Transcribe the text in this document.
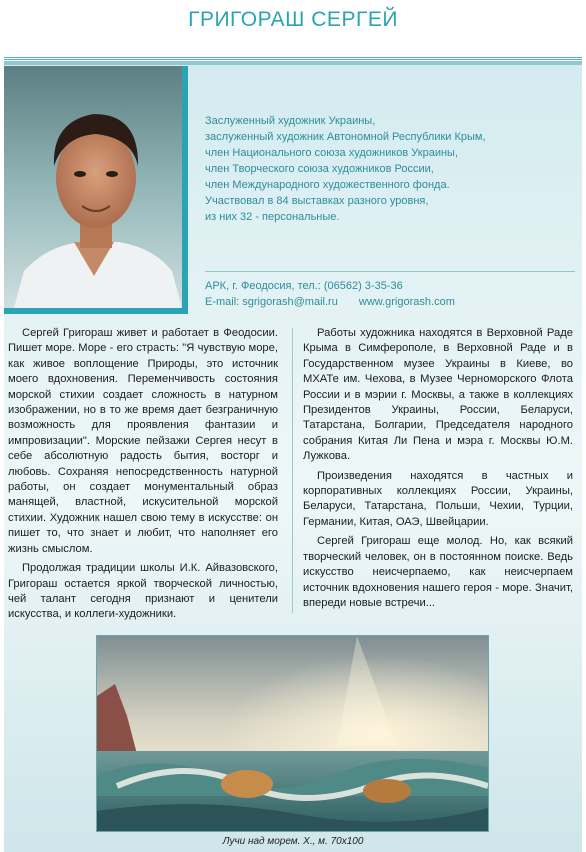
ГРИГОРАШ СЕРГЕЙ
Заслуженный художник Украины,
заслуженный художник Автономной Республики Крым,
член Национального союза художников Украины,
член Творческого союза художников России,
член Международного художественного фонда.
Участвовал в 84 выставках разного уровня,
из них 32 - персональные.
АРК, г. Феодосия, тел.: (06562) 3-35-36
E-mail: sgrigorash@mail.ru www.grigorash.com

Сергей Григораш живет и работает в Феодосии. Пишет море. Море - его страсть: "Я чувствую море, как живое воплощение Природы, это источник моего вдохновения. Переменчивость состояния морской стихии создает сложность в натурном изображении, но в то же время дает безграничную возможность для проявления фантазии и импровизации". Морские пейзажи Сергея несут в себе абсолютную радость бытия, восторг и любовь. Сохраняя непосредственность натурной работы, он создает монументальный образ манящей, властной, искусительной морской стихии. Художник нашел свою тему в искусстве: он пишет то, что знает и любит, что наполняет его жизнь смыслом.

Продолжая традиции школы И.К. Айвазовского, Григораш остается яркой творческой личностью, чей талант сегодня признают и ценители искусства, и коллеги-художники.

Работы художника находятся в Верховной Раде Крыма в Симферополе, в Верховной Раде и в Государственном музее Украины в Киеве, во МХАТе им. Чехова, в Музее Черноморского Флота России и в мэрии г. Москвы, а также в коллекциях Президентов Украины, России, Беларуси, Татарстана, Болгарии, Председателя народного собрания Китая Ли Пена и мэра г. Москвы Ю.М. Лужкова.

Произведения находятся в частных и корпоративных коллекциях России, Украины, Беларуси, Татарстана, Польши, Чехии, Турции, Германии, Китая, ОАЭ, Швейцарии.

Сергей Григораш еще молод. Но, как всякий творческий человек, он в постоянном поиске. Ведь искусство неисчерпаемо, как неисчерпаем источник вдохновения нашего героя - море. Значит, впереди новые встречи...

Лучи над морем. Х., м. 70х100
